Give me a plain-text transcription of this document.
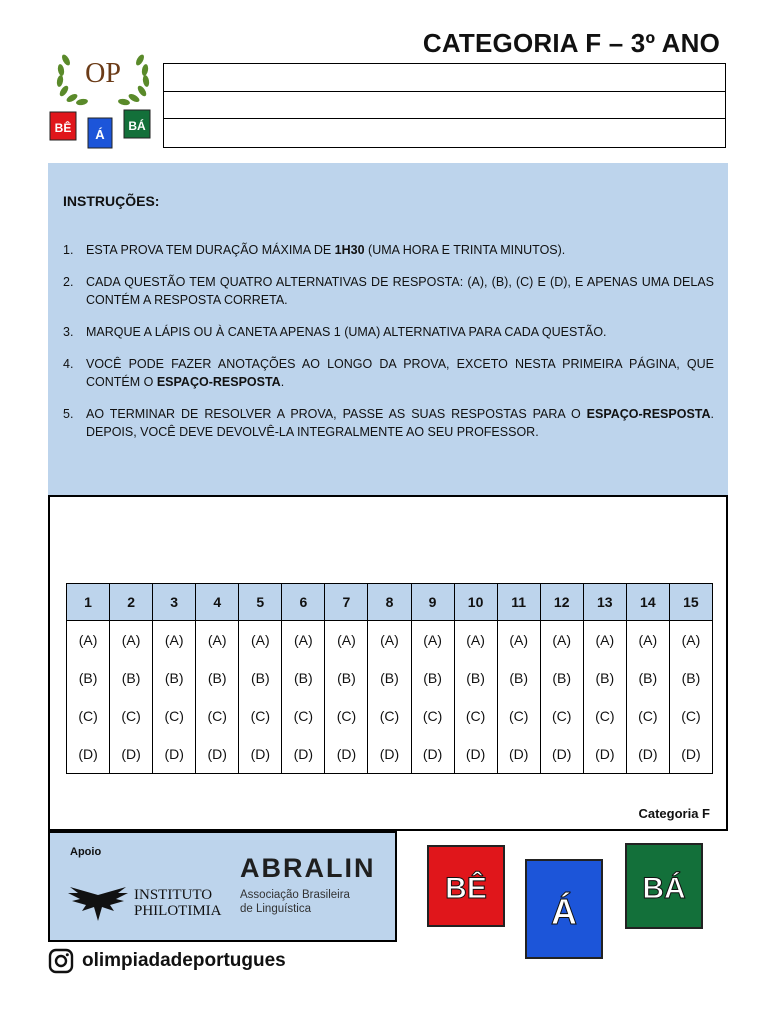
OP
BÊ Á
BÁ
CATEGORIA F – 3º ANO
INSTRUÇÕES:
1.	ESTA PROVA TEM DURAÇÃO MÁXIMA DE 1H30 (UMA HORA E TRINTA MINUTOS).
2.	CADA QUESTÃO TEM QUATRO ALTERNATIVAS DE RESPOSTA: (A), (B), (C) E (D), E APENAS UMA DELAS CONTÉM A RESPOSTA CORRETA.
3.	MARQUE A LÁPIS OU À CANETA APENAS 1 (UMA) ALTERNATIVA PARA CADA QUESTÃO.
4.	VOCÊ PODE FAZER ANOTAÇÕES AO LONGO DA PROVA, EXCETO NESTA PRIMEIRA PÁGINA, QUE CONTÉM O ESPAÇO-RESPOSTA.
5.	AO TERMINAR DE RESOLVER A PROVA, PASSE AS SUAS RESPOSTAS PARA O ESPAÇO-RESPOSTA. DEPOIS, VOCÊ DEVE DEVOLVÊ-LA INTEGRALMENTE AO SEU PROFESSOR.
1	2	3	4	5	6	7	8	9	10	11	12	13	14	15
(A)	(A)	(A)	(A)	(A)	(A)	(A)	(A)	(A)	(A)	(A)	(A)	(A)	(A)	(A)
(B)	(B)	(B)	(B)	(B)	(B)	(B)	(B)	(B)	(B)	(B)	(B)	(B)	(B)	(B)
(C)	(C)	(C)	(C)	(C)	(C)	(C)	(C)	(C)	(C)	(C)	(C)	(C)	(C)	(C)
(D)	(D)	(D)	(D)	(D)	(D)	(D)	(D)	(D)	(D)	(D)	(D)	(D)	(D)	(D)
Categoria F
Apoio
INSTITUTO
PHILOTIMIA
ABRALIN
Associação Brasileira
de Linguística
BÊ
Á
BÁ
olimpiadadeportugues
